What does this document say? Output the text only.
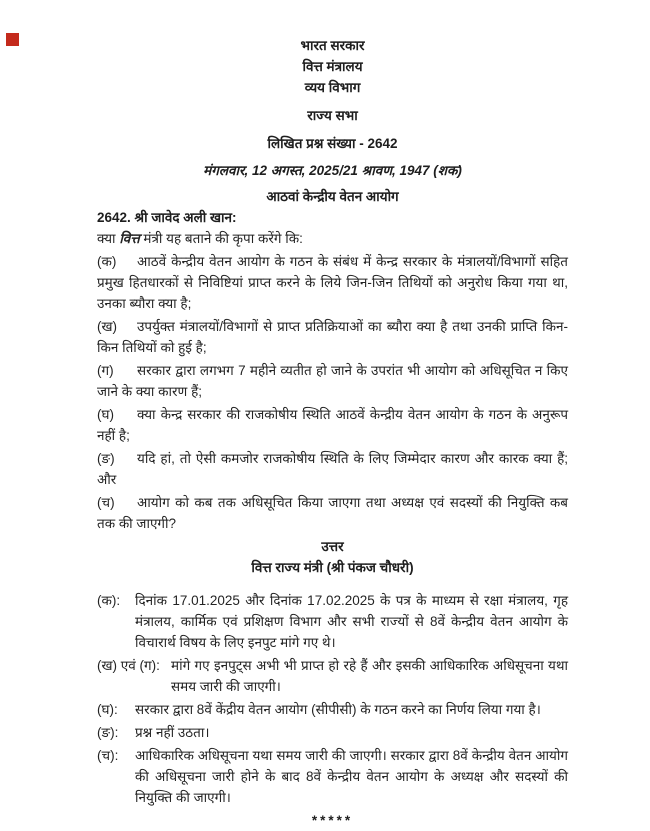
भारत सरकार

वित्त मंत्रालय

व्यय विभाग

राज्य सभा

लिखित प्रश्न संख्या - 2642

मंगलवार, 12 अगस्त, 2025/21 श्रावण, 1947 (शक)

आठवां केन्द्रीय वेतन आयोग

2642. श्री जावेद अली खान:

क्या वित्त मंत्री यह बताने की कृपा करेंगे कि:

(क) आठवें केन्द्रीय वेतन आयोग के गठन के संबंध में केन्द्र सरकार के मंत्रालयों/विभागों सहित प्रमुख हितधारकों से निविष्टियां प्राप्त करने के लिये जिन-जिन तिथियों को अनुरोध किया गया था, उनका ब्यौरा क्या है;

(ख) उपर्युक्त मंत्रालयों/विभागों से प्राप्त प्रतिक्रियाओं का ब्यौरा क्या है तथा उनकी प्राप्ति किन-किन तिथियों को हुई है;

(ग) सरकार द्वारा लगभग 7 महीने व्यतीत हो जाने के उपरांत भी आयोग को अधिसूचित न किए जाने के क्या कारण हैं;

(घ) क्या केन्द्र सरकार की राजकोषीय स्थिति आठवें केन्द्रीय वेतन आयोग के गठन के अनुरूप नहीं है;

(ङ) यदि हां, तो ऐसी कमजोर राजकोषीय स्थिति के लिए जिम्मेदार कारण और कारक क्या हैं; और

(च) आयोग को कब तक अधिसूचित किया जाएगा तथा अध्यक्ष एवं सदस्यों की नियुक्ति कब तक की जाएगी?

उत्तर

वित्त राज्य मंत्री (श्री पंकज चौधरी)

(क): दिनांक 17.01.2025 और दिनांक 17.02.2025 के पत्र के माध्यम से रक्षा मंत्रालय, गृह मंत्रालय, कार्मिक एवं प्रशिक्षण विभाग और सभी राज्यों से 8वें केन्द्रीय वेतन आयोग के विचारार्थ विषय के लिए इनपुट मांगे गए थे।

(ख) एवं (ग): मांगे गए इनपुट्स अभी भी प्राप्त हो रहे हैं और इसकी आधिकारिक अधिसूचना यथा समय जारी की जाएगी।

(घ): सरकार द्वारा 8वें केंद्रीय वेतन आयोग (सीपीसी) के गठन करने का निर्णय लिया गया है।

(ङ): प्रश्न नहीं उठता।

(च): आधिकारिक अधिसूचना यथा समय जारी की जाएगी। सरकार द्वारा 8वें केन्द्रीय वेतन आयोग की अधिसूचना जारी होने के बाद 8वें केन्द्रीय वेतन आयोग के अध्यक्ष और सदस्यों की नियुक्ति की जाएगी।

*****
